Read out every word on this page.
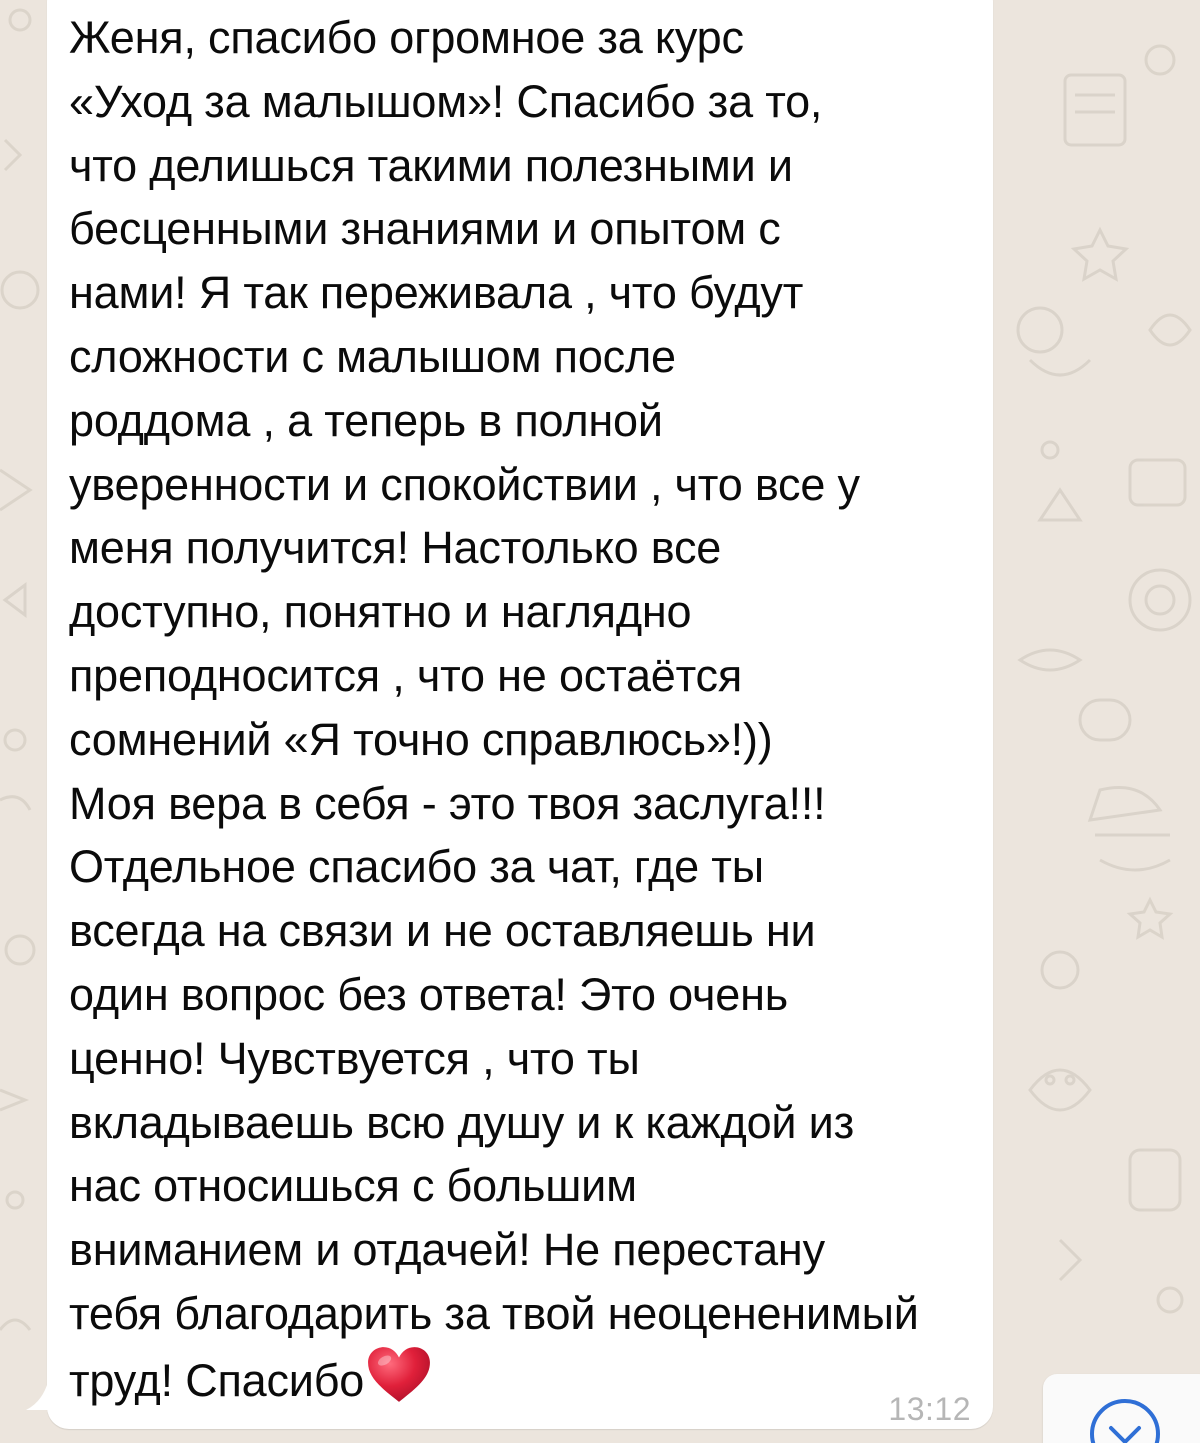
Женя, спасибо огромное за курс
«Уход за малышом»! Спасибо за то,
что делишься такими полезными и
бесценными знаниями и опытом с
нами! Я так переживала , что будут
сложности с малышом после
роддома , а теперь в полной
уверенности и спокойствии , что все у
меня получится! Настолько все
доступно, понятно и наглядно
преподносится , что не остаётся
сомнений «Я точно справлюсь»!))
Моя вера в себя - это твоя заслуга!!!
Отдельное спасибо за чат, где ты
всегда на связи и не оставляешь ни
один вопрос без ответа! Это очень
ценно! Чувствуется , что ты
вкладываешь всю душу и к каждой из
нас относишься с большим
вниманием и отдачей! Не перестану
тебя благодарить за твой неоцененимый
труд! Спасибо

13:12
